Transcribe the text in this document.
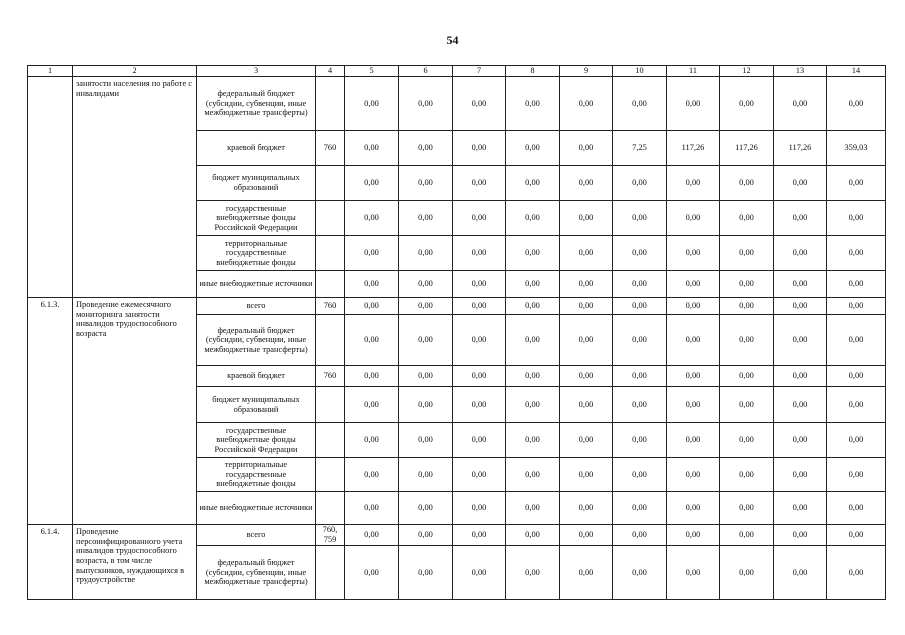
54
1	2	3	4	5	6	7	8	9	10	11	12	13	14
	занятости населения по работе с инвалидами	федеральный бюджет (субсидии, субвенции, иные межбюджетные трансферты)		0,00	0,00	0,00	0,00	0,00	0,00	0,00	0,00	0,00	0,00
		краевой бюджет	760	0,00	0,00	0,00	0,00	0,00	7,25	117,26	117,26	117,26	359,03
		бюджет муниципальных образований		0,00	0,00	0,00	0,00	0,00	0,00	0,00	0,00	0,00	0,00
		государственные внебюджетные фонды Российской Федерации		0,00	0,00	0,00	0,00	0,00	0,00	0,00	0,00	0,00	0,00
		территориальные государственные внебюджетные фонды		0,00	0,00	0,00	0,00	0,00	0,00	0,00	0,00	0,00	0,00
		иные внебюджетные источники		0,00	0,00	0,00	0,00	0,00	0,00	0,00	0,00	0,00	0,00
6.1.3.	Проведение ежемесячного мониторинга занятости инвалидов трудоспособного возраста	всего	760	0,00	0,00	0,00	0,00	0,00	0,00	0,00	0,00	0,00	0,00
		федеральный бюджет (субсидии, субвенции, иные межбюджетные трансферты)		0,00	0,00	0,00	0,00	0,00	0,00	0,00	0,00	0,00	0,00
		краевой бюджет	760	0,00	0,00	0,00	0,00	0,00	0,00	0,00	0,00	0,00	0,00
		бюджет муниципальных образований		0,00	0,00	0,00	0,00	0,00	0,00	0,00	0,00	0,00	0,00
		государственные внебюджетные фонды Российской Федерации		0,00	0,00	0,00	0,00	0,00	0,00	0,00	0,00	0,00	0,00
		территориальные государственные внебюджетные фонды		0,00	0,00	0,00	0,00	0,00	0,00	0,00	0,00	0,00	0,00
		иные внебюджетные источники		0,00	0,00	0,00	0,00	0,00	0,00	0,00	0,00	0,00	0,00
6.1.4.	Проведение персонифицированного учета инвалидов трудоспособного возраста, в том числе выпускников, нуждающихся в трудоустройстве	всего	760, 759	0,00	0,00	0,00	0,00	0,00	0,00	0,00	0,00	0,00	0,00
		федеральный бюджет (субсидии, субвенции, иные межбюджетные трансферты)		0,00	0,00	0,00	0,00	0,00	0,00	0,00	0,00	0,00	0,00
